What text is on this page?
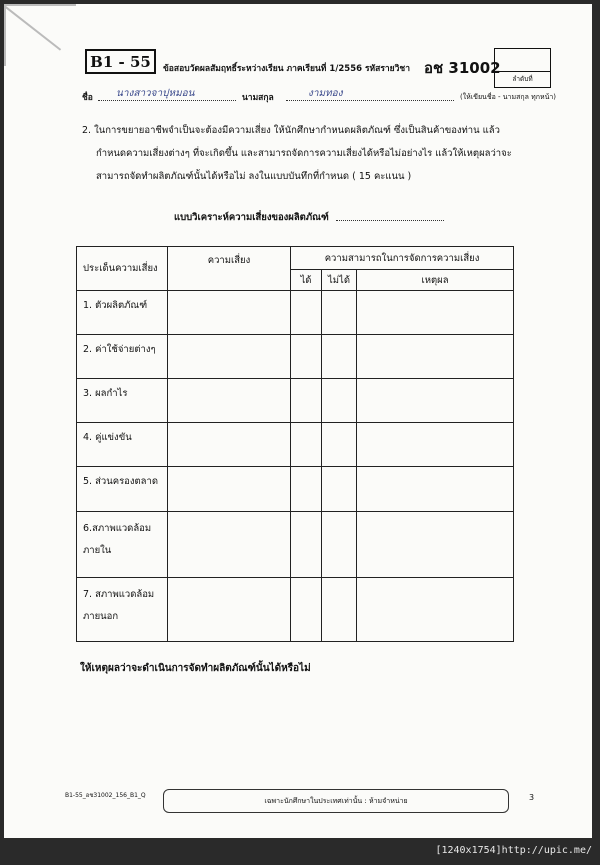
B1 - 55	ข้อสอบวัดผลสัมฤทธิ์ระหว่างเรียน ภาคเรียนที่ 1/2556 รหัสรายวิชา อช 31002
ลำดับที่
ชื่อ นางสาวจาปุหมอน	นามสกุล	งามทอง	(ให้เขียนชื่อ - นามสกุล ทุกหน้า)
2. ในการขยายอาชีพจำเป็นจะต้องมีความเสี่ยง ให้นักศึกษากำหนดผลิตภัณฑ์ ซึ่งเป็นสินค้าของท่าน แล้ว
กำหนดความเสี่ยงต่างๆ ที่จะเกิดขึ้น และสามารถจัดการความเสี่ยงได้หรือไม่อย่างไร แล้วให้เหตุผลว่าจะ
สามารถจัดทำผลิตภัณฑ์นั้นได้หรือไม่ ลงในแบบบันทึกที่กำหนด ( 15 คะแนน )
แบบวิเคราะห์ความเสี่ยงของผลิตภัณฑ์
ประเด็นความเสี่ยง	ความเสี่ยง	ความสามารถในการจัดการความเสี่ยง		
		ได้	ไม่ได้	เหตุผล
1. ตัวผลิตภัณฑ์				
2. ค่าใช้จ่ายต่างๆ				
3. ผลกำไร				
4. คู่แข่งขัน				
5. ส่วนครองตลาด				

6.สภาพแวดล้อม
ภายใน				

7. สภาพแวดล้อม
ภายนอก				

ให้เหตุผลว่าจะดำเนินการจัดทำผลิตภัณฑ์นั้นได้หรือไม่
B1-55_อช31002_156_B1_Q
เฉพาะนักศึกษาในประเทศเท่านั้น : ห้ามจำหน่าย	3
[1240x1754]http://upic.me/
